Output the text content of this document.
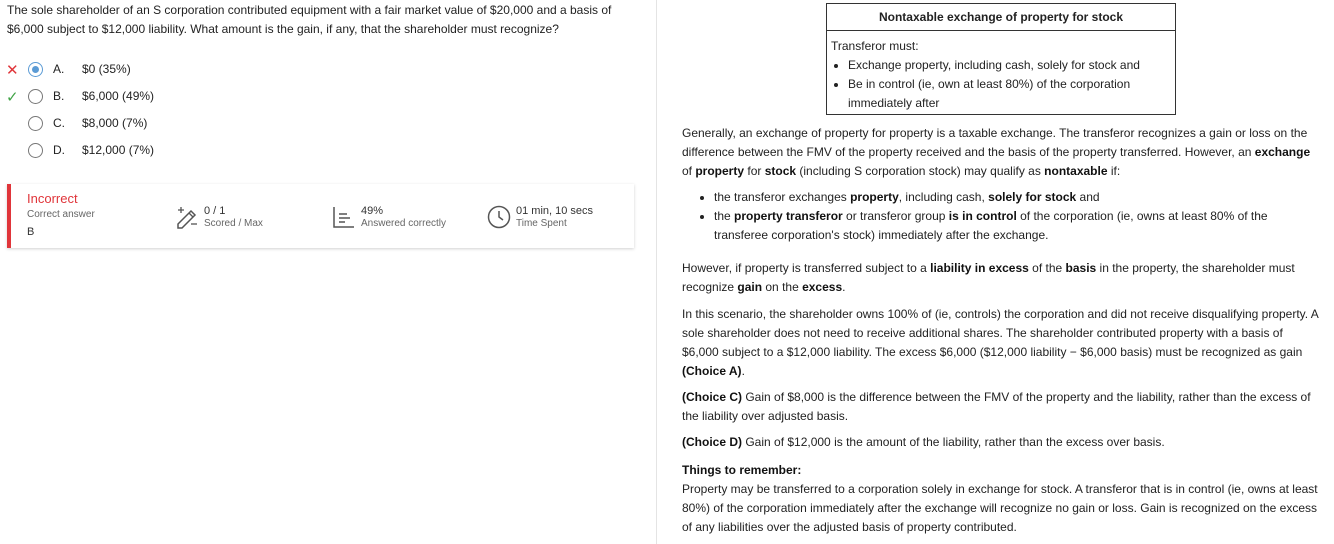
The sole shareholder of an S corporation contributed equipment with a fair market value of $20,000 and a basis of $6,000 subject to $12,000 liability. What amount is the gain, if any, that the shareholder must recognize?
✕	A. $0 (35%)
✓	B. $6,000 (49%)
C. $8,000 (7%)
D. $12,000 (7%)
Incorrect
Correct answer
B
0 / 1
Scored / Max
49%
Answered correctly
01 min, 10 secs
Time Spent
Nontaxable exchange of property for stock
Transferor must:
• Exchange property, including cash, solely for stock and
• Be in control (ie, own at least 80%) of the corporation immediately after

Generally, an exchange of property for property is a taxable exchange. The transferor recognizes a gain or loss on the difference between the FMV of the property received and the basis of the property transferred. However, an exchange of property for stock (including S corporation stock) may qualify as nontaxable if:

• the transferor exchanges property, including cash, solely for stock and
• the property transferor or transferor group is in control of the corporation (ie, owns at least 80% of the transferee corporation's stock) immediately after the exchange.

However, if property is transferred subject to a liability in excess of the basis in the property, the shareholder must recognize gain on the excess.

In this scenario, the shareholder owns 100% of (ie, controls) the corporation and did not receive disqualifying property. A sole shareholder does not need to receive additional shares. The shareholder contributed property with a basis of $6,000 subject to a $12,000 liability. The excess $6,000 ($12,000 liability − $6,000 basis) must be recognized as gain (Choice A).

(Choice C) Gain of $8,000 is the difference between the FMV of the property and the liability, rather than the excess of the liability over adjusted basis.

(Choice D) Gain of $12,000 is the amount of the liability, rather than the excess over basis.

Things to remember:

Property may be transferred to a corporation solely in exchange for stock. A transferor that is in control (ie, owns at least 80%) of the corporation immediately after the exchange will recognize no gain or loss. Gain is recognized on the excess of any liabilities over the adjusted basis of property contributed.
